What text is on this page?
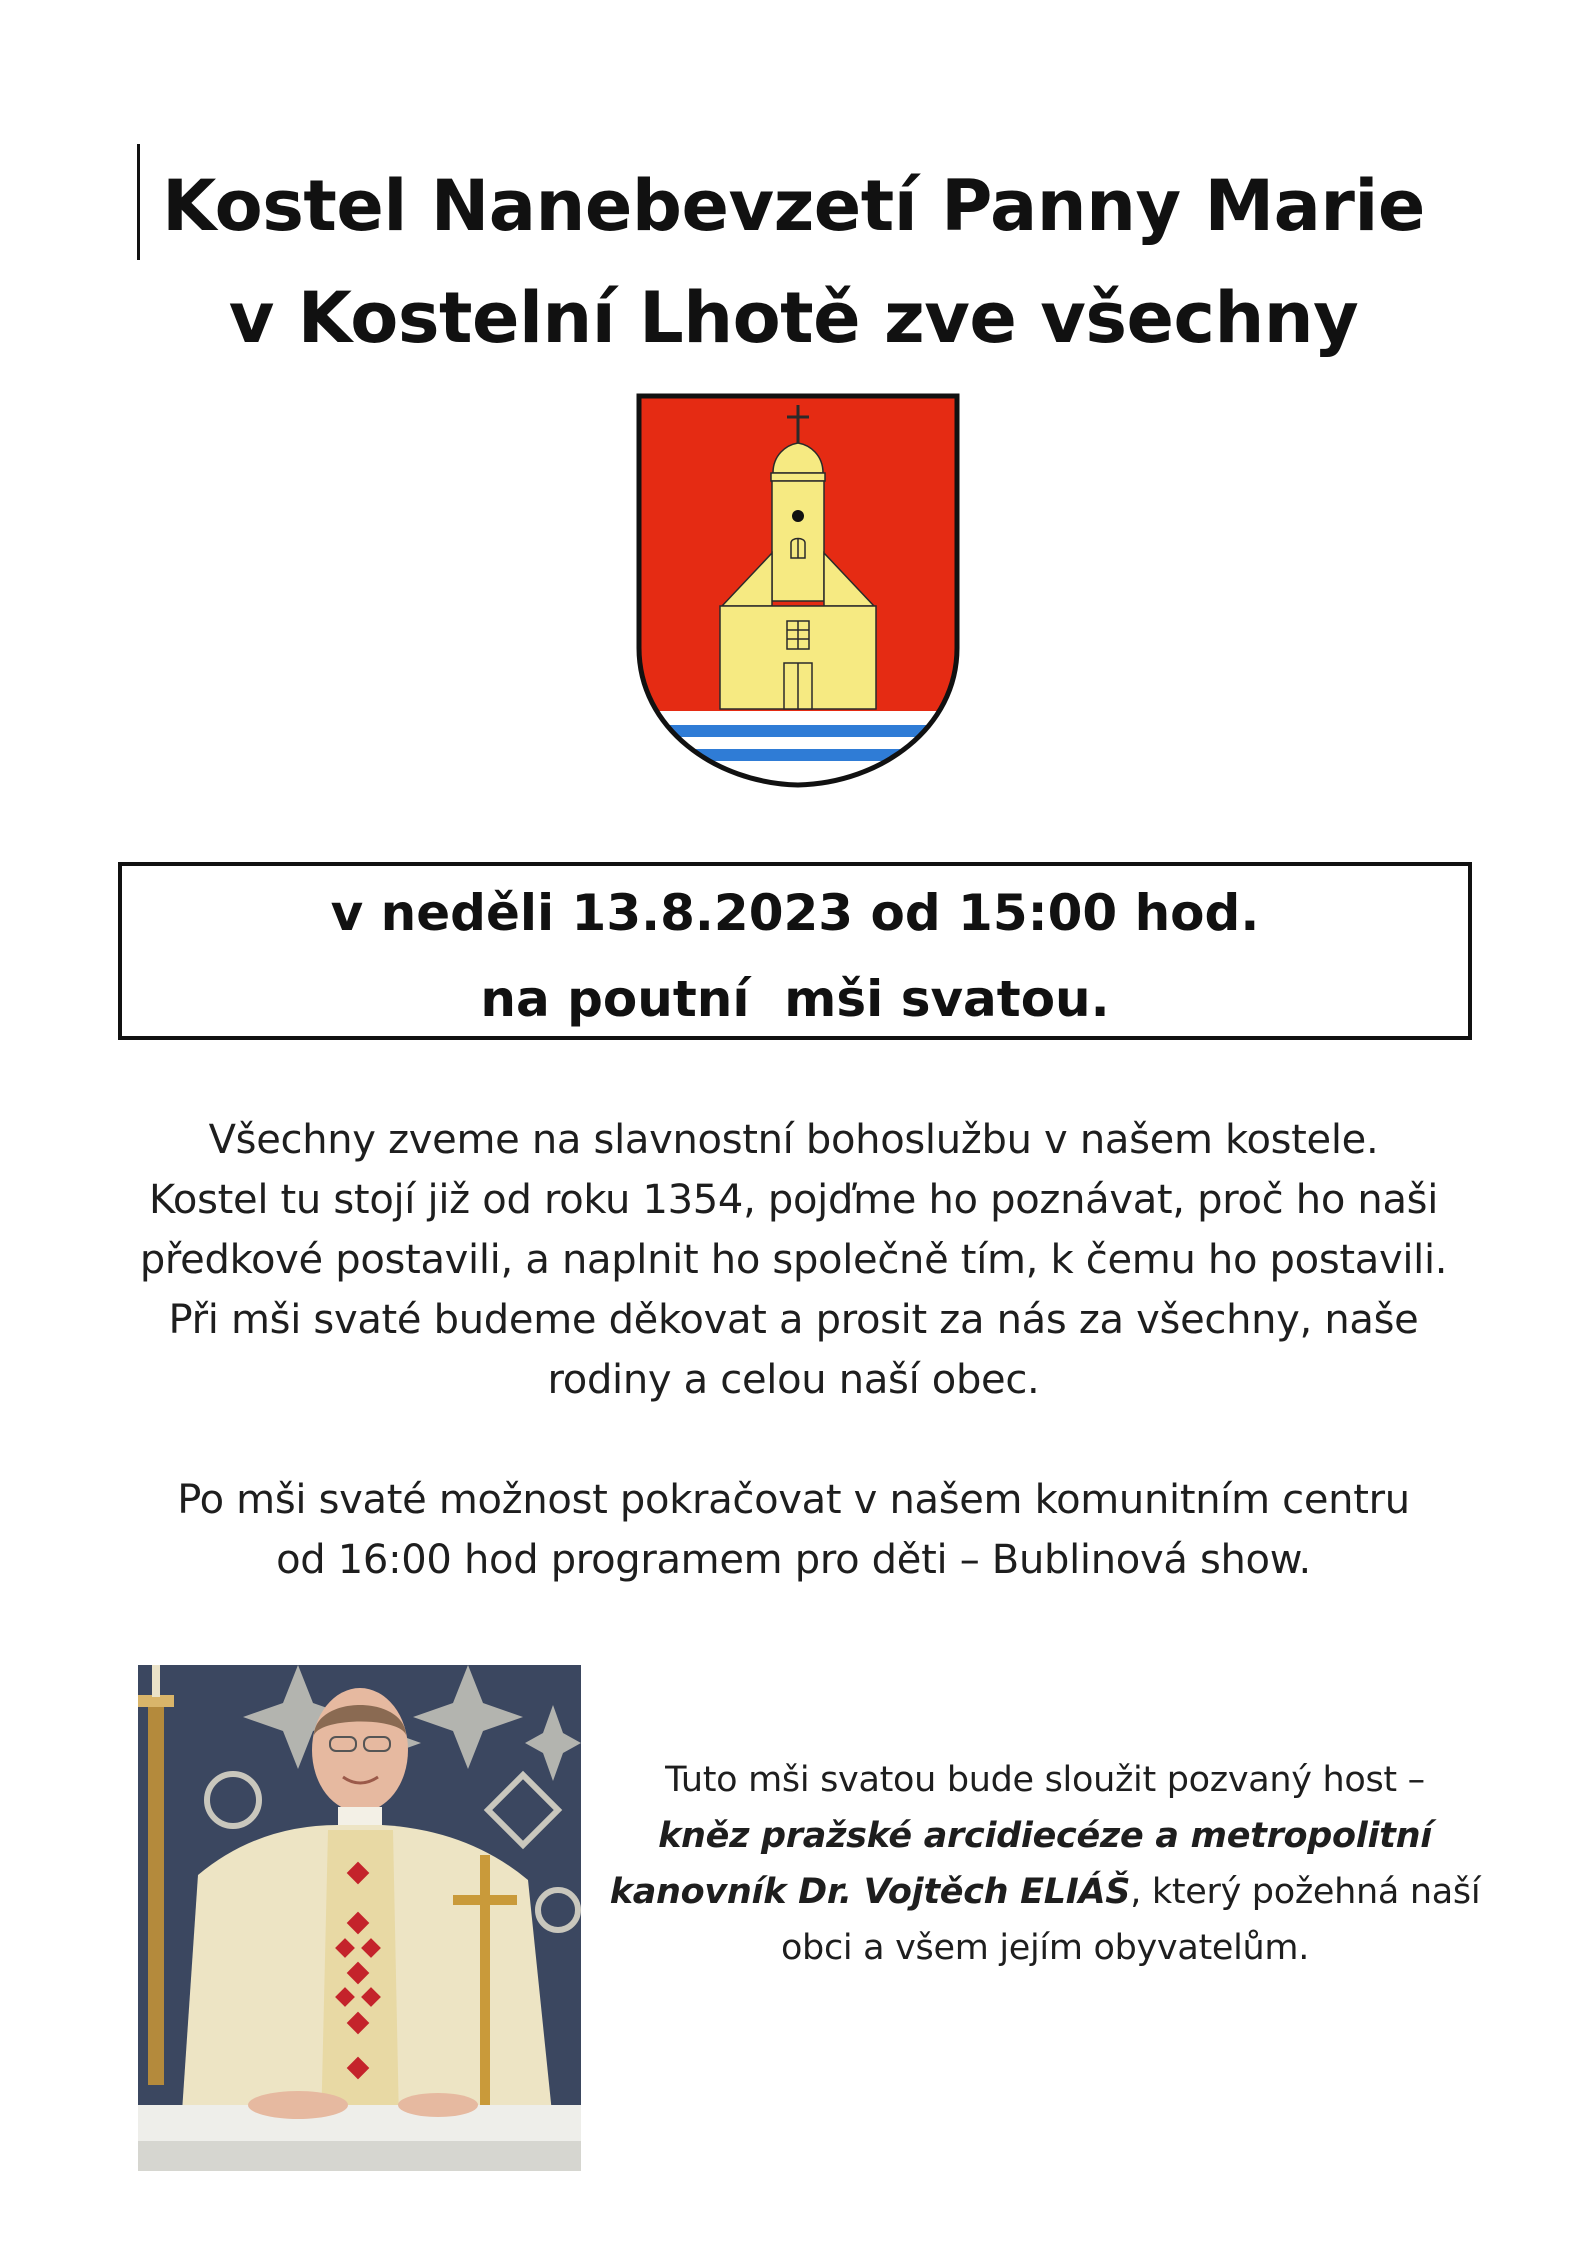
Kostel Nanebevzetí Panny Marie
v Kostelní Lhotě zve všechny
v neděli 13.8.2023 od 15:00 hod.
na poutní  mši svatou.
Všechny zveme na slavnostní bohoslužbu v našem kostele.
Kostel tu stojí již od roku 1354, pojďme ho poznávat, proč ho naši
předkové postavili, a naplnit ho společně tím, k čemu ho postavili.
Při mši svaté budeme děkovat a prosit za nás za všechny, naše
rodiny a celou naší obec.
Po mši svaté možnost pokračovat v našem komunitním centru
od 16:00 hod programem pro děti – Bublinová show.
Tuto mši svatou bude sloužit pozvaný host –
kněz pražské arcidiecéze a metropolitní
kanovník Dr. Vojtěch ELIÁŠ, který požehná naší
obci a všem jejím obyvatelům.
